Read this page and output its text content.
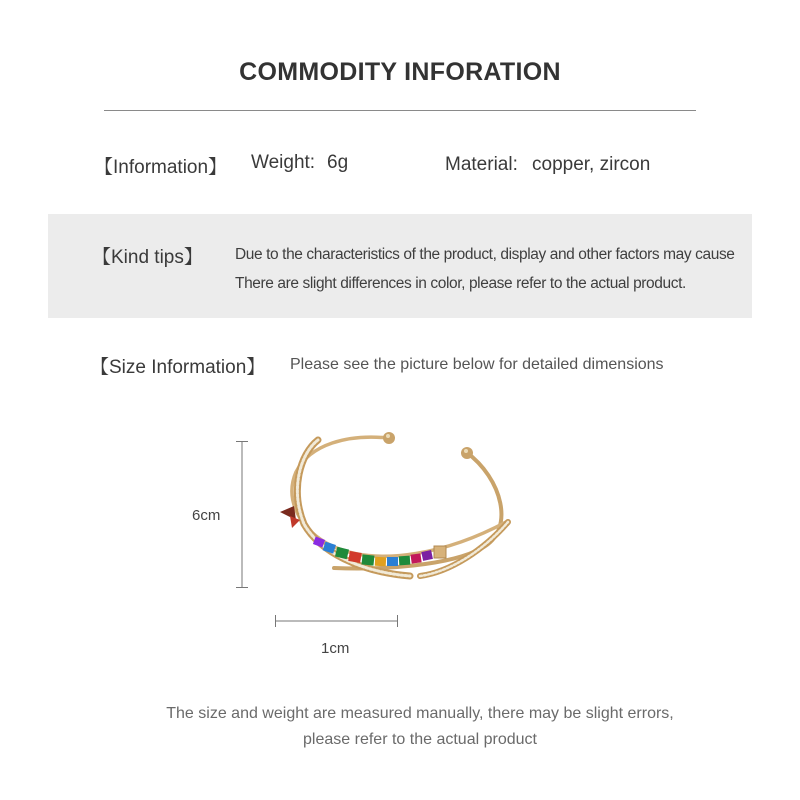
COMMODITY INFORATION
【Information】 Weight: 6g	Material: copper, zircon
【Kind tips】 Due to the characteristics of the product, display and other factors may cause
There are slight differences in color, please refer to the actual product.
【Size Information】 Please see the picture below for detailed dimensions
6cm
1cm
The size and weight are measured manually, there may be slight errors,
please refer to the actual product
